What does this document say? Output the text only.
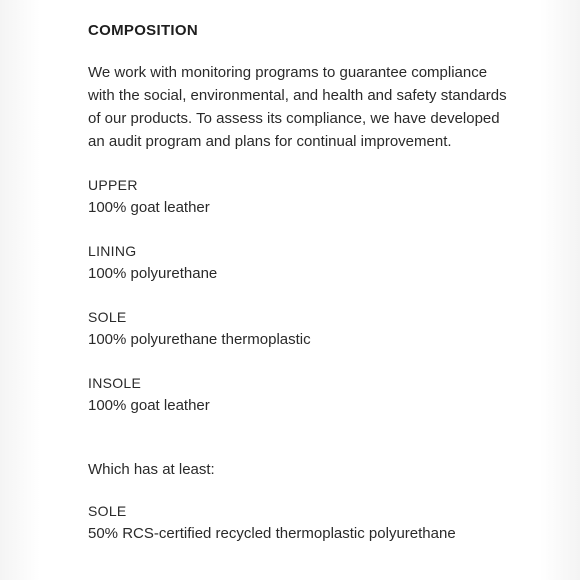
COMPOSITION

We work with monitoring programs to guarantee compliance with the social, environmental, and health and safety standards of our products. To assess its compliance, we have developed an audit program and plans for continual improvement.

UPPER
100% goat leather
LINING
100% polyurethane
SOLE
100% polyurethane thermoplastic
INSOLE
100% goat leather
Which has at least:
SOLE
50% RCS-certified recycled thermoplastic polyurethane
